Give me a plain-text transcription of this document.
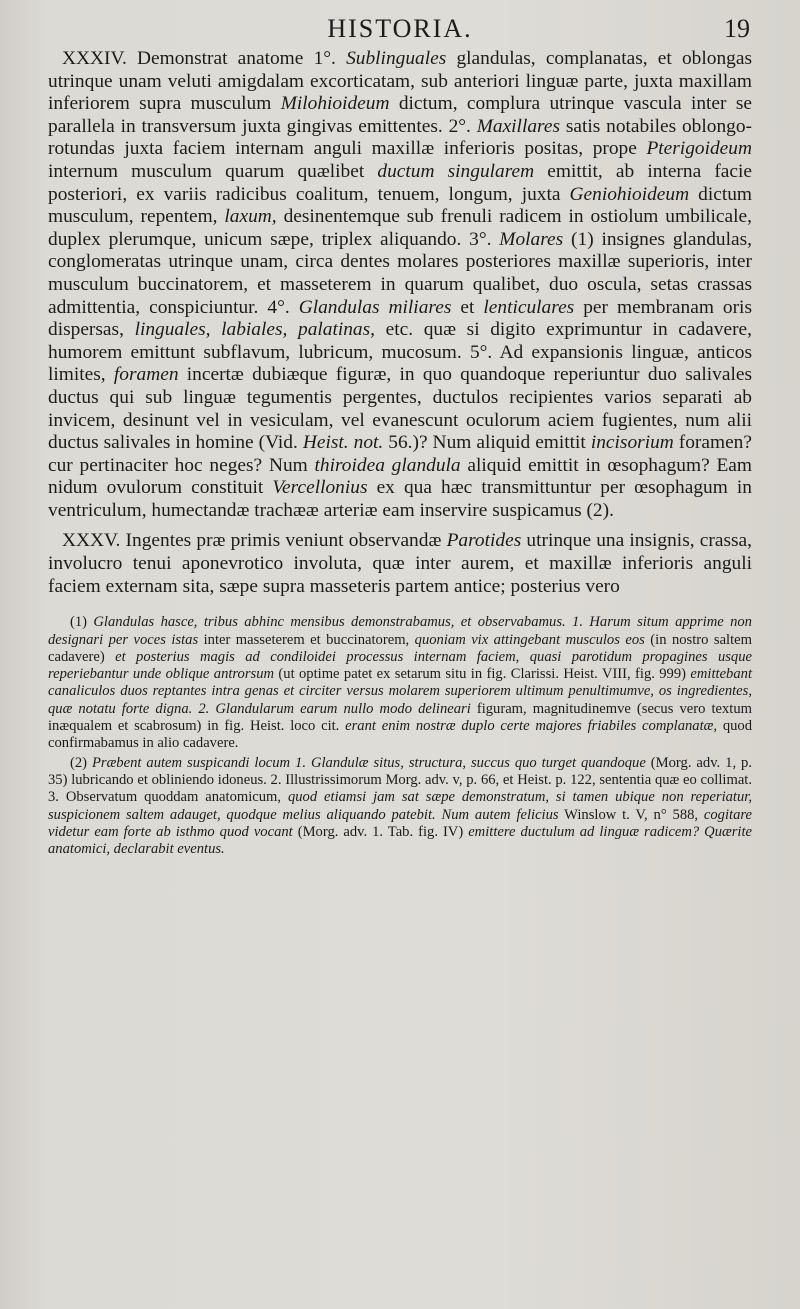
HISTORIA.	19

XXXIV. Demonstrat anatome 1°. Sublinguales glandulas, complanatas, et oblongas utrinque unam veluti amigdalam excorticatam, sub anteriori linguæ parte, juxta maxillam inferiorem supra musculum Milohioideum dictum, complura utrinque vascula inter se parallela in transversum juxta gingivas emittentes. 2°. Maxillares satis notabiles oblongo-rotundas juxta faciem internam anguli maxillæ inferioris positas, prope Pterigoideum internum musculum quarum quælibet ductum singularem emittit, ab interna facie posteriori, ex variis radicibus coalitum, tenuem, longum, juxta Geniohioideum dictum musculum, repentem, laxum, desinentemque sub frenuli radicem in ostiolum umbilicale, duplex plerumque, unicum sæpe, triplex aliquando. 3°. Molares (1) insignes glandulas, conglomeratas utrinque unam, circa dentes molares posteriores maxillæ superioris, inter musculum buccinatorem, et masseterem in quarum qualibet, duo oscula, setas crassas admittentia, conspiciuntur. 4°. Glandulas miliares et lenticulares per membranam oris dispersas, linguales, labiales, palatinas, etc. quæ si digito exprimuntur in cadavere, humorem emittunt subflavum, lubricum, mucosum. 5°. Ad expansionis linguæ, anticos limites, foramen incertæ dubiæque figuræ, in quo quandoque reperiuntur duo salivales ductus qui sub linguæ tegumentis pergentes, ductulos recipientes varios separati ab invicem, desinunt vel in vesiculam, vel evanescunt oculorum aciem fugientes, num alii ductus salivales in homine (Vid. Heist. not. 56.)? Num aliquid emittit incisorium foramen? cur pertinaciter hoc neges? Num thiroidea glandula aliquid emittit in œsophagum? Eam nidum ovulorum constituit Vercellonius ex qua hæc transmittuntur per œsophagum in ventriculum, humectandæ trachææ arteriæ eam inservire suspicamus (2).

XXXV. Ingentes præ primis veniunt observandæ Parotides utrinque una insignis, crassa, involucro tenui aponevrotico involuta, quæ inter aurem, et maxillæ inferioris anguli faciem externam sita, sæpe supra masseteris partem antice; posterius vero

(1) Glandulas hasce, tribus abhinc mensibus demonstrabamus, et observabamus. 1. Harum situm apprime non designari per voces istas inter masseterem et buccinatorem, quoniam vix attingebant musculos eos (in nostro saltem cadavere) et posterius magis ad condiloidei processus internam faciem, quasi parotidum propagines usque reperiebantur unde oblique antrorsum (ut optime patet ex setarum situ in fig. Clarissi. Heist. VIII, fig. 999) emittebant canaliculos duos reptantes intra genas et circiter versus molarem superiorem ultimum penultimumve, os ingredientes, quæ notatu forte digna. 2. Glandularum earum nullo modo delineari figuram, magnitudinemve (secus vero textum inæqualem et scabrosum) in fig. Heist. loco cit. erant enim nostræ duplo certe majores friabiles complanatæ, quod confirmabamus in alio cadavere.

(2) Præbent autem suspicandi locum 1. Glandulæ situs, structura, succus quo turget quandoque (Morg. adv. 1, p. 35) lubricando et obliniendo idoneus. 2. Illustrissimorum Morg. adv. v, p. 66, et Heist. p. 122, sententia quæ eo collimat. 3. Observatum quoddam anatomicum, quod etiamsi jam sat sæpe demonstratum, si tamen ubique non reperiatur, suspicionem saltem adauget, quodque melius aliquando patebit. Num autem felicius Winslow t. V, n° 588, cogitare videtur eam forte ab isthmo quod vocant (Morg. adv. 1. Tab. fig. IV) emittere ductulum ad linguæ radicem? Quærite anatomici, declarabit eventus.
